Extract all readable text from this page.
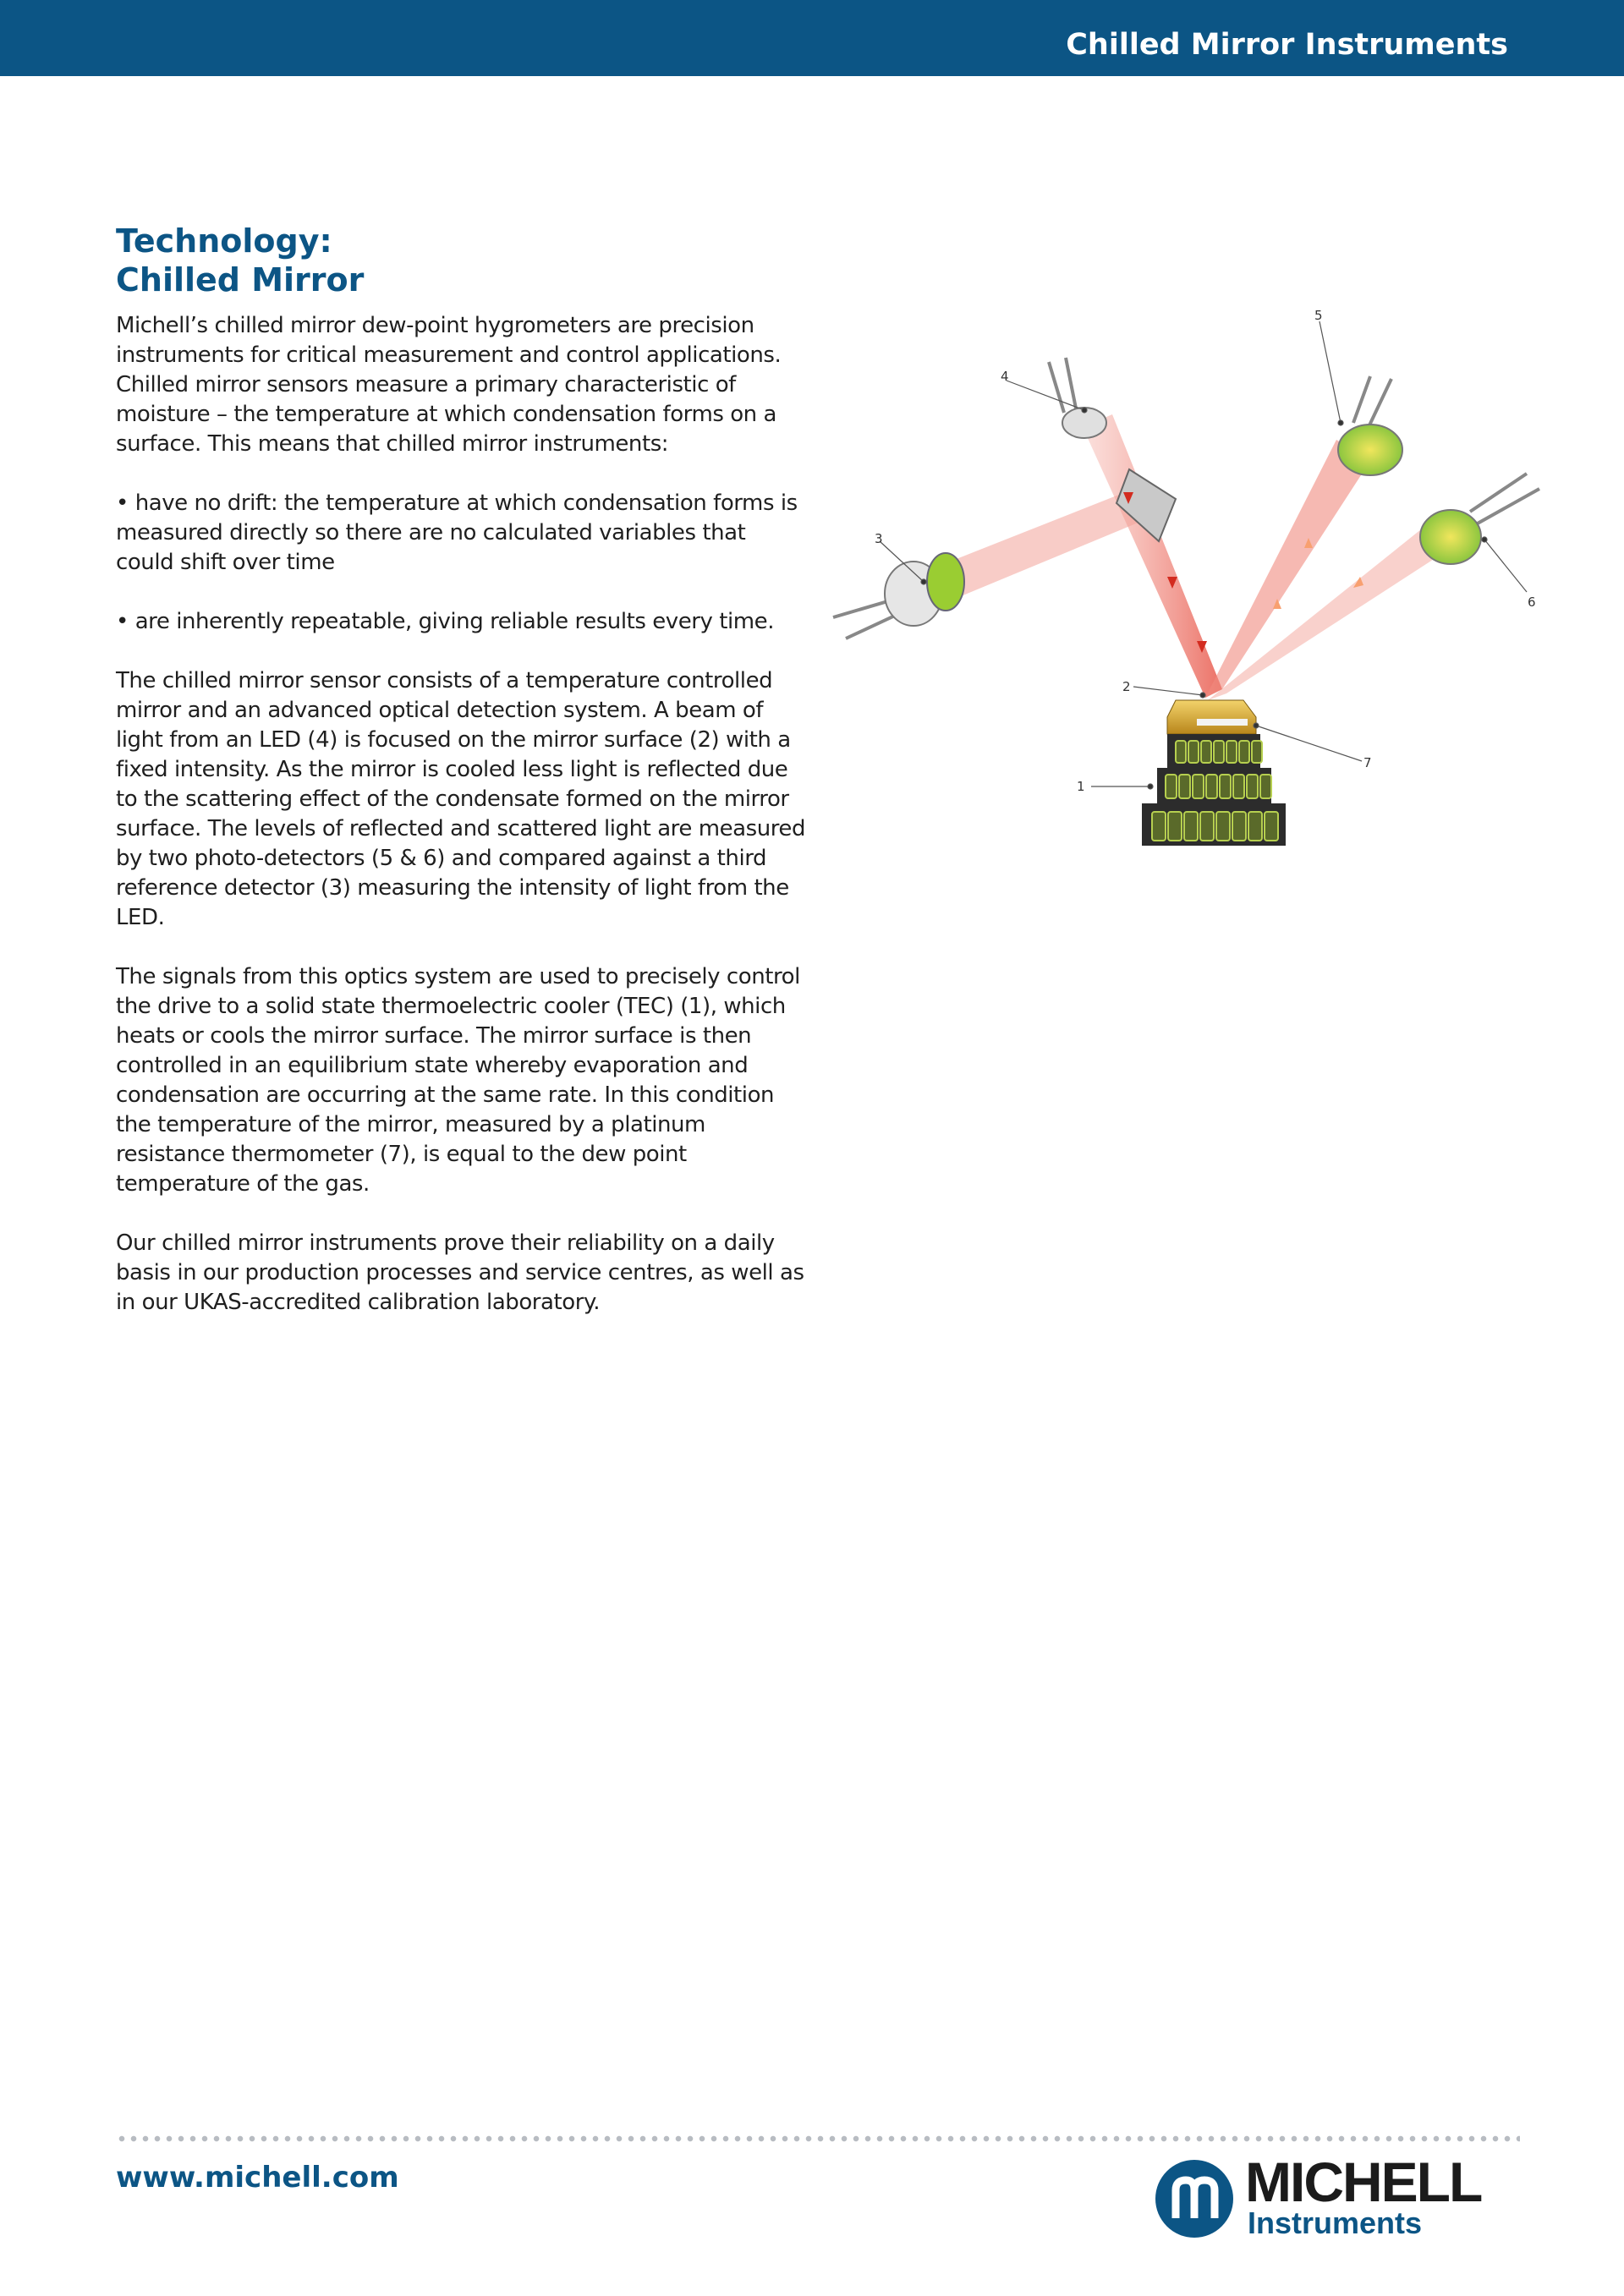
Chilled Mirror Instruments
Technology:
Chilled Mirror

Michell’s chilled mirror dew-point hygrometers are precision instruments for critical measurement and control applications. Chilled mirror sensors measure a primary characteristic of moisture – the temperature at which condensation forms on a surface. This means that chilled mirror instruments:

• have no drift: the temperature at which condensation forms is measured directly so there are no calculated variables that could shift over time

• are inherently repeatable, giving reliable results every time.

The chilled mirror sensor consists of a temperature controlled mirror and an advanced optical detection system. A beam of light from an LED (4) is focused on the mirror surface (2) with a fixed intensity. As the mirror is cooled less light is reflected due to the scattering effect of the condensate formed on the mirror surface. The levels of reflected and scattered light are measured by two photo-detectors (5 & 6) and compared against a third reference detector (3) measuring the intensity of light from the LED.

The signals from this optics system are used to precisely control the drive to a solid state thermoelectric cooler (TEC) (1), which heats or cools the mirror surface. The mirror surface is then controlled in an equilibrium state whereby evaporation and condensation are occurring at the same rate. In this condition the temperature of the mirror, measured by a platinum resistance thermometer (7), is equal to the dew point temperature of the gas.

Our chilled mirror instruments prove their reliability on a daily basis in our production processes and service centres, as well as in our UKAS-accredited calibration laboratory.

4
5
6
3
2
7
1
www.michell.com	MICHELL
Instruments
